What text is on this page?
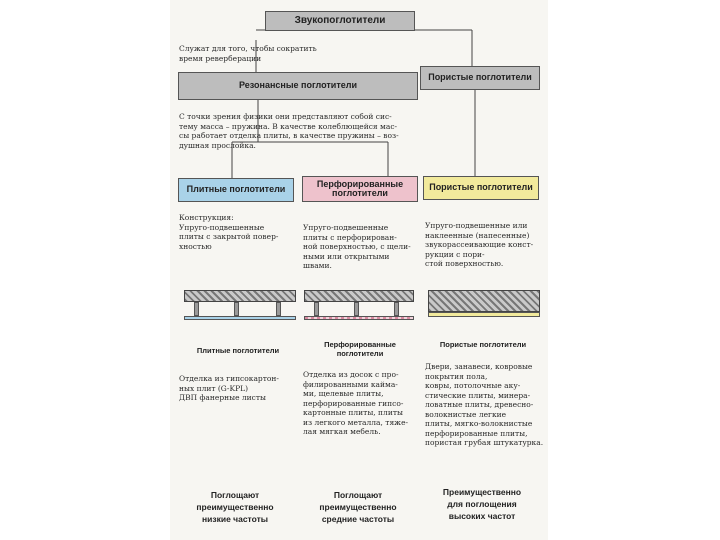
Звукопоглотители
Служат для того, чтобы сократить
время реверберации
Резонансные поглотители
Пористые поглотители
С точки зрения физики они представляют собой сис-
тему масса – пружина. В качестве колеблющейся мас-
сы работает отделка плиты, в качестве пружины – воз-
душная прослойка.
Плитные поглотители
Перфорированные
поглотители
Пористые поглотители
Конструкция:
Упруго-подвешенные
плиты с закрытой повер-
хностью
Упруго-подвешенные
плиты с перфорирован-
ной поверхностью, с щели-
ными или открытыми
швами.
Упруго-подвешенные или
наклеенные (напесенные)
звукорассеивающие конст-
рукции с пори-
стой поверхностью.
Плитные поглотители
Перфорированные
поглотители
Пористые поглотители
Отделка из гипсокартон-
ных плит (G-KPL)
ДВП фанерные листы
Отделка из досок с про-
филированными кайма-
ми, щелевые плиты,
перфорированные гипсо-
картонные плиты, плиты
из легкого металла, тяже-
лая мягкая мебель.
Двери, занавеси, ковровые
покрытия пола,
ковры, потолочные аку-
стические плиты, минера-
ловатные плиты, древесно-
волокнистые легкие
плиты, мягко-волокнистые
перфорированные плиты,
пористая грубая штукатурка.
Поглощают
преимущественно
низкие частоты
Поглощают
преимущественно
средние частоты
Преимущественно
для поглощения
высоких частот
